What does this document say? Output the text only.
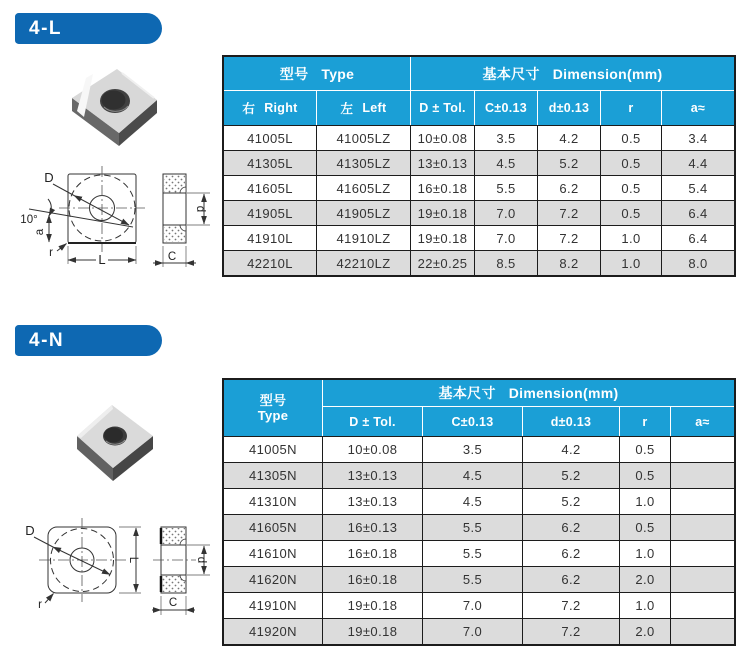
4-L
D
10°
a
r	L
d
C
型号 Type	基本尺寸 Dimension(mm)
右 Right	左 Left	D ± Tol.	C±0.13	d±0.13	r	a≈
41005L	41005LZ	10±0.08	3.5	4.2	0.5	3.4
41305L	41305LZ	13±0.13	4.5	5.2	0.5	4.4
41605L	41605LZ	16±0.18	5.5	6.2	0.5	5.4
41905L	41905LZ	19±0.18	7.0	7.2	0.5	6.4
41910L	41910LZ	19±0.18	7.0	7.2	1.0	6.4
42210L	42210LZ	22±0.25	8.5	8.2	1.0	8.0
4-N
D
r
L	d
C
型号
Type
基本尺寸 Dimension(mm)
D ± Tol.	C±0.13	d±0.13	r	a≈
41005N	10±0.08	3.5	4.2	0.5
41305N	13±0.13	4.5	5.2	0.5
41310N	13±0.13	4.5	5.2	1.0
41605N	16±0.13	5.5	6.2	0.5
41610N	16±0.18	5.5	6.2	1.0
41620N	16±0.18	5.5	6.2	2.0
41910N	19±0.18	7.0	7.2	1.0
41920N	19±0.18	7.0	7.2	2.0
